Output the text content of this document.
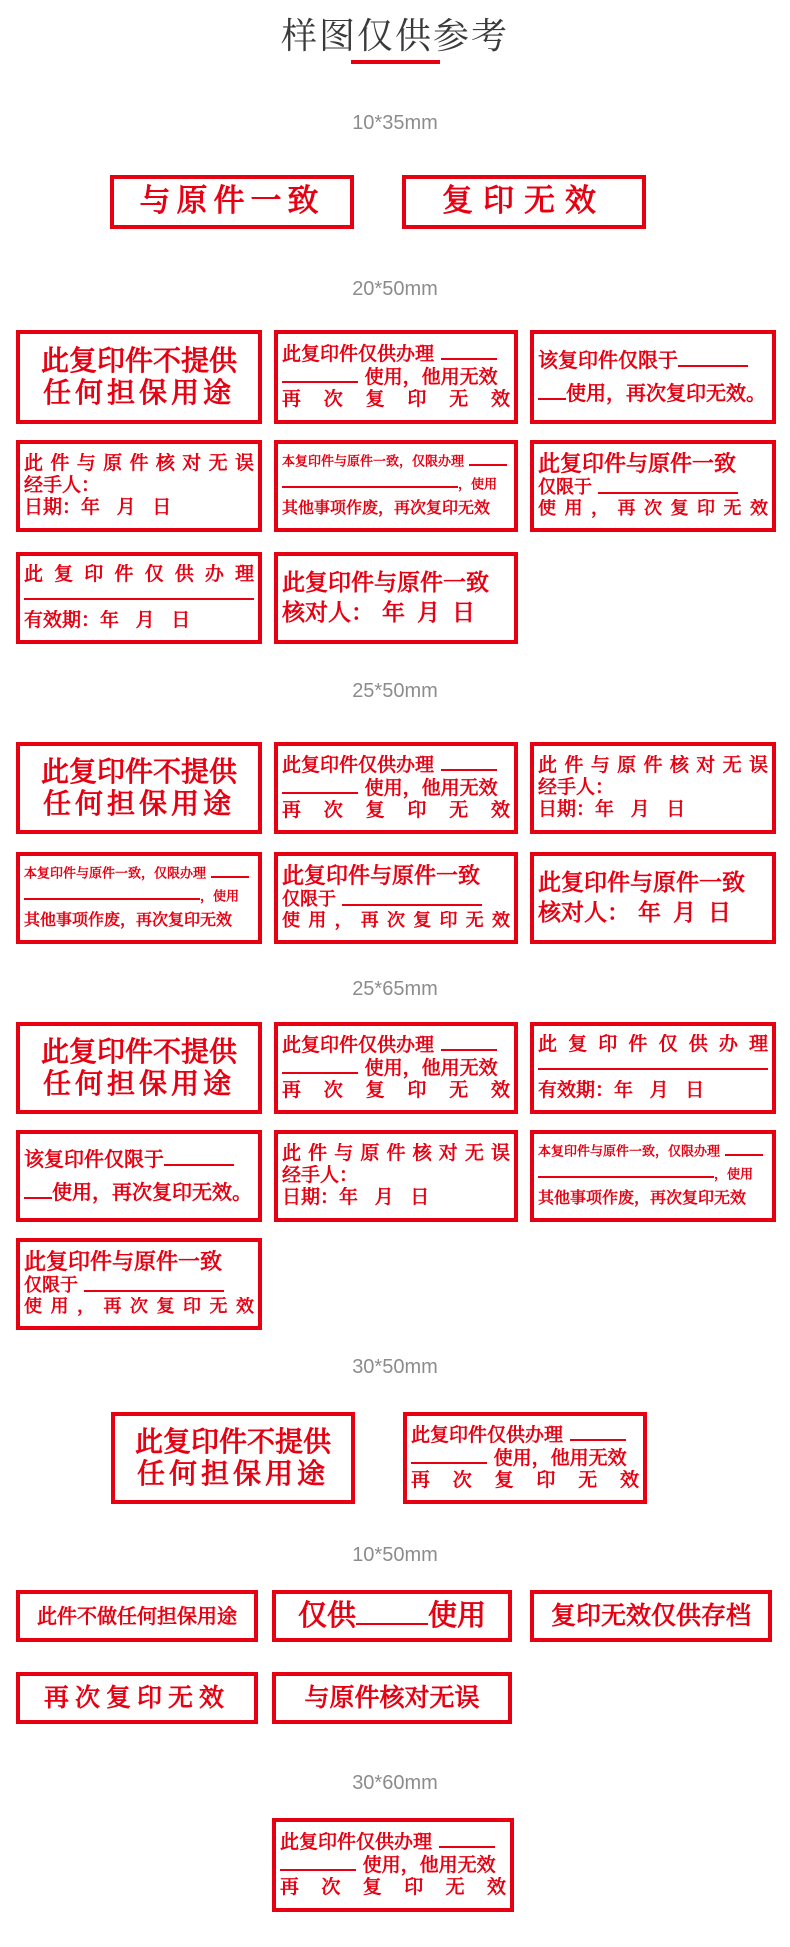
样图仅供参考
10*35mm
与原件一致	复印无效
20*50mm
此复印件不提供
任何担保用途
此复印件仅供办理
使用，他用无效
再 次 复 印 无 效
该复印件仅限于
使用，再次复印无效。
此件与原件核对无误
经手人：
日期：年 月 日
本复印件与原件一致，仅限办理
，使用
其他事项作废，再次复印无效
此复印件与原件一致
仅限于
使用，再次复印无效
此复印件仅供办理
有效期：年 月 日
此复印件与原件一致
核对人： 年 月 日
25*50mm
此复印件不提供
任何担保用途
此复印件仅供办理
使用，他用无效
再 次 复 印 无 效
此件与原件核对无误
经手人：
日期：年 月 日
本复印件与原件一致，仅限办理
，使用
其他事项作废，再次复印无效
此复印件与原件一致
仅限于
使用，再次复印无效
此复印件与原件一致
核对人： 年 月 日
25*65mm
此复印件不提供
任何担保用途
此复印件仅供办理
使用，他用无效
再 次 复 印 无 效
此复印件仅供办理
有效期：年 月 日
该复印件仅限于
使用，再次复印无效。
此件与原件核对无误
经手人：
日期：年 月 日
本复印件与原件一致，仅限办理
，使用
其他事项作废，再次复印无效
此复印件与原件一致
仅限于
使用，再次复印无效
30*50mm
此复印件不提供
任何担保用途
此复印件仅供办理
使用，他用无效
再 次 复 印 无 效
10*50mm
此件不做任何担保用途	仅供 使用	复印无效仅供存档
再次复印无效	与原件核对无误
30*60mm
此复印件仅供办理
使用，他用无效
再 次 复 印 无 效
